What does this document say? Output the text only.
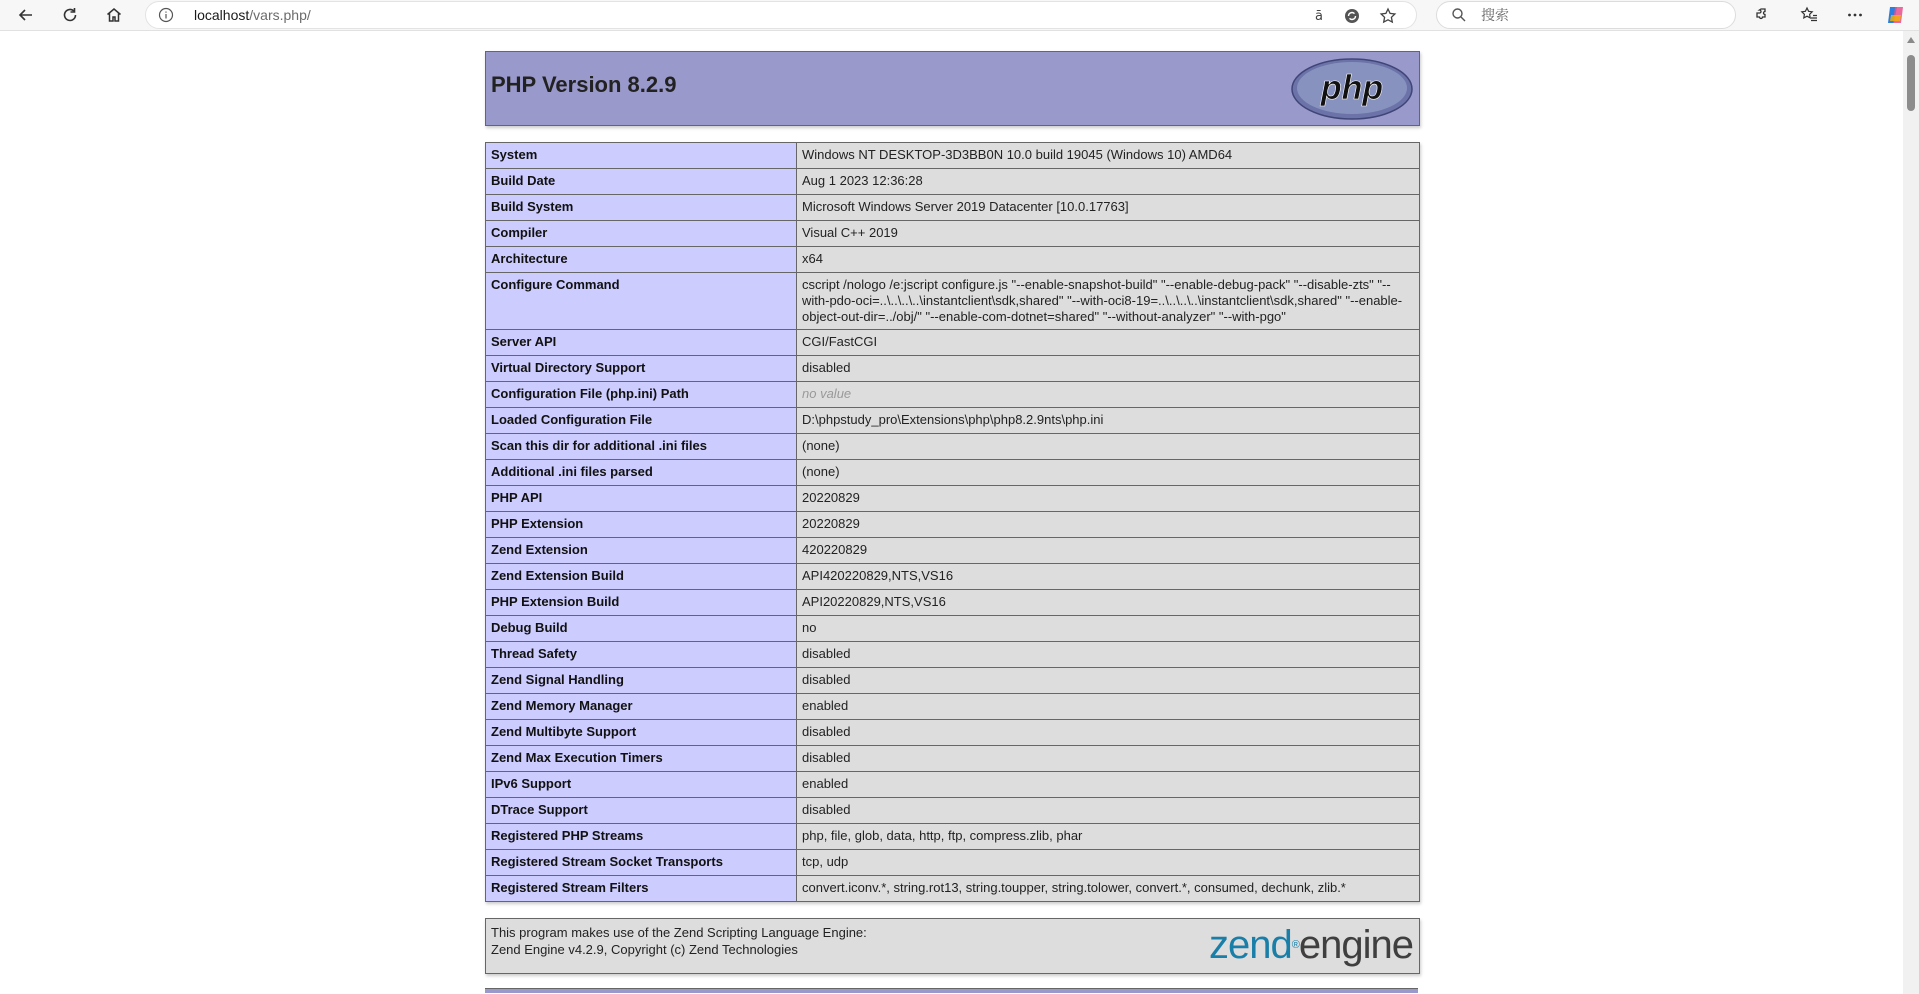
localhost/vars.php/	ā	搜索
PHP Version 8.2.9	php
System	Windows NT DESKTOP-3D3BB0N 10.0 build 19045 (Windows 10) AMD64
Build Date	Aug 1 2023 12:36:28
Build System	Microsoft Windows Server 2019 Datacenter [10.0.17763]
Compiler	Visual C++ 2019
Architecture	x64
Configure Command	cscript /nologo /e:jscript configure.js "--enable-snapshot-build" "--enable-debug-pack" "--disable-zts" "--with-pdo-oci=..\..\..\..\instantclient\sdk,shared" "--with-oci8-19=..\..\..\..\instantclient\sdk,shared" "--enable-object-out-dir=../obj/" "--enable-com-dotnet=shared" "--without-analyzer" "--with-pgo"
Server API	CGI/FastCGI
Virtual Directory Support	disabled
Configuration File (php.ini) Path	no value
Loaded Configuration File	D:\phpstudy_pro\Extensions\php\php8.2.9nts\php.ini
Scan this dir for additional .ini files	(none)
Additional .ini files parsed	(none)
PHP API	20220829
PHP Extension	20220829
Zend Extension	420220829
Zend Extension Build	API420220829,NTS,VS16
PHP Extension Build	API20220829,NTS,VS16
Debug Build	no
Thread Safety	disabled
Zend Signal Handling	disabled
Zend Memory Manager	enabled
Zend Multibyte Support	disabled
Zend Max Execution Timers	disabled
IPv6 Support	enabled
DTrace Support	disabled
Registered PHP Streams	php, file, glob, data, http, ftp, compress.zlib, phar
Registered Stream Socket Transports	tcp, udp
Registered Stream Filters	convert.iconv.*, string.rot13, string.toupper, string.tolower, convert.*, consumed, dechunk, zlib.*
This program makes use of the Zend Scripting Language Engine:
Zend Engine v4.2.9, Copyright (c) Zend Technologies	zend®engine
